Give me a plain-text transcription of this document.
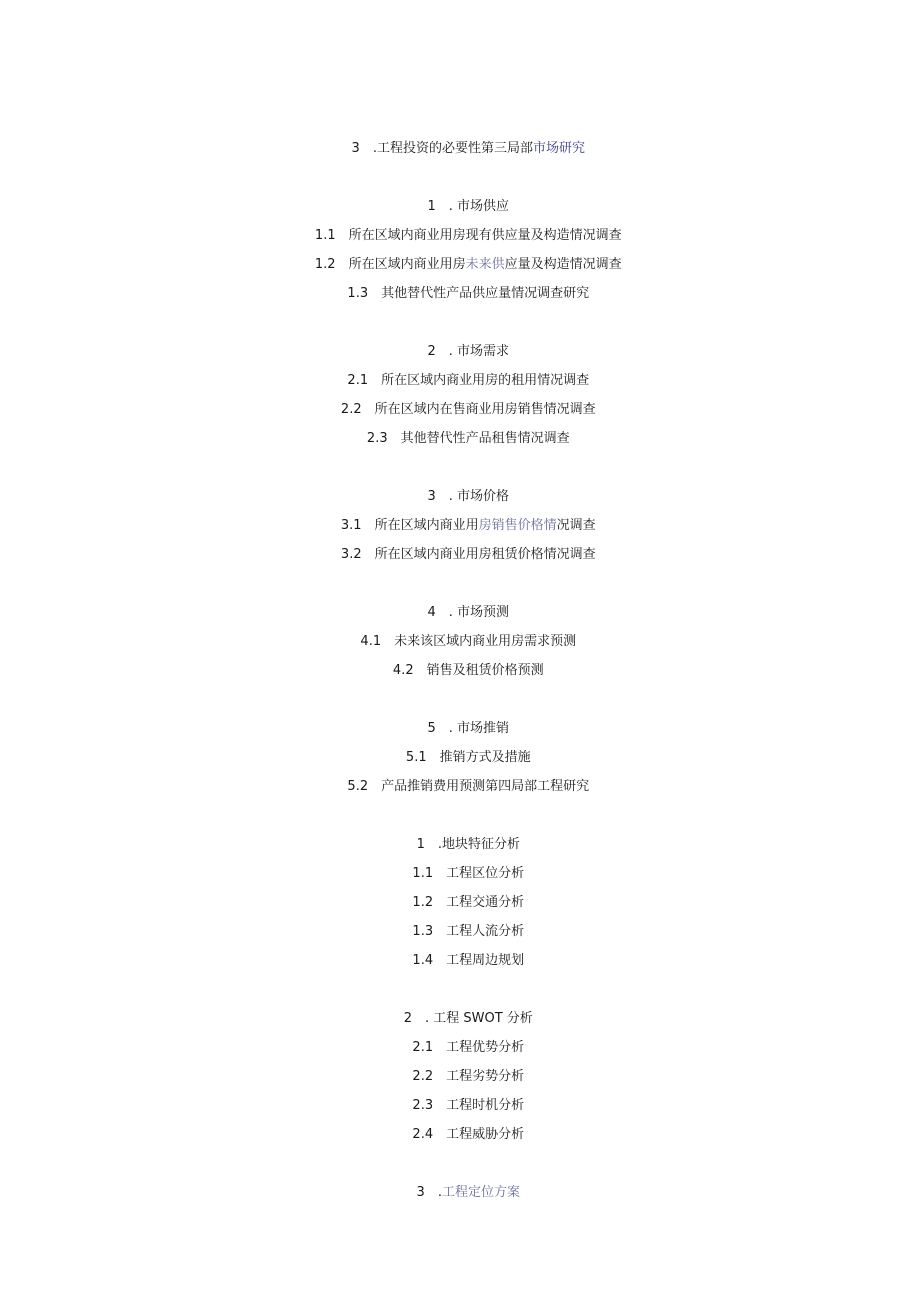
3　.工程投资的必要性第三局部市场研究

1　. 市场供应

1.1　所在区域内商业用房现有供应量及构造情况调查

1.2　所在区域内商业用房未来供应量及构造情况调查

1.3　其他替代性产品供应量情况调查研究

2　. 市场需求

2.1　所在区域内商业用房的租用情况调查

2.2　所在区域内在售商业用房销售情况调查

2.3　其他替代性产品租售情况调查

3　. 市场价格

3.1　所在区域内商业用房销售价格情况调查

3.2　所在区域内商业用房租赁价格情况调查

4　. 市场预测

4.1　未来该区域内商业用房需求预测

4.2　销售及租赁价格预测

5　. 市场推销

5.1　推销方式及措施

5.2　产品推销费用预测第四局部工程研究

1　.地块特征分析

1.1　工程区位分析

1.2　工程交通分析

1.3　工程人流分析

1.4　工程周边规划

2　. 工程 SWOT 分析

2.1　工程优势分析

2.2　工程劣势分析

2.3　工程时机分析

2.4　工程威胁分析

3　.工程定位方案
